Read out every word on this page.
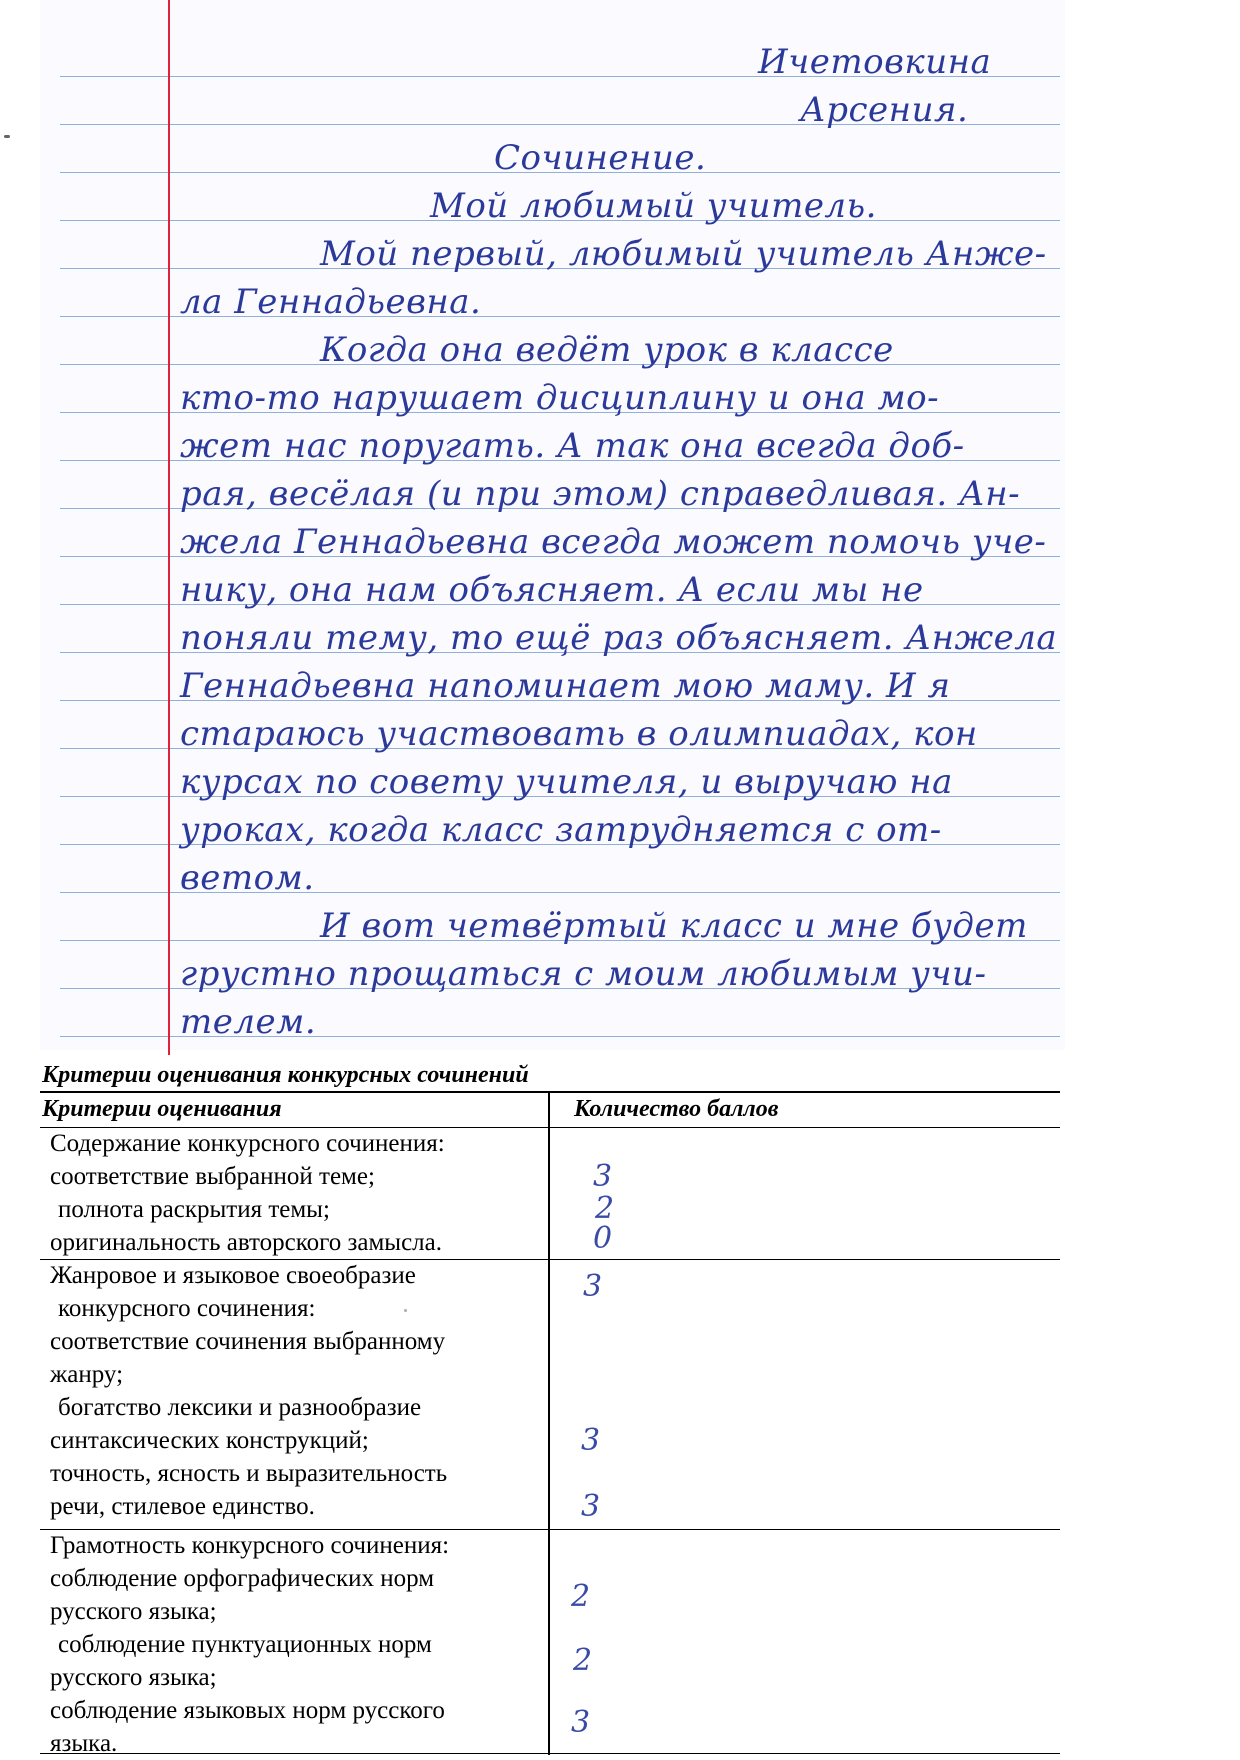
Ичетовкина
Арсения.
Сочинение.
Мой любимый учитель.
Мой первый, любимый учитель Анже-
ла Геннадьевна.
Когда она ведёт урок в классе
кто-то нарушает дисциплину и она мо-
жет нас поругать. А так она всегда доб-
рая, весёлая (и при этом) справедливая. Ан-
жела Геннадьевна всегда может помочь уче-
нику, она нам объясняет. А если мы не
поняли тему, то ещё раз объясняет. Анжела
Геннадьевна напоминает мою маму. И я
стараюсь участвовать в олимпиадах, кон
курсах по совету учителя, и выручаю на
уроках, когда класс затрудняется с от-
ветом.
И вот четвёртый класс и мне будет
грустно прощаться с моим любимым учи-
телем.
Критерии оценивания конкурсных сочинений
Критерии оценивания	Количество баллов
Содержание конкурсного сочинения:
соответствие выбранной теме;
полнота раскрытия темы;
оригинальность авторского замысла.
3
2
0
Жанровое и языковое своеобразие
конкурсного сочинения:
соответствие сочинения выбранному
жанру;
богатство лексики и разнообразие
синтаксических конструкций;
точность, ясность и выразительность
речи, стилевое единство.
3
3
3
Грамотность конкурсного сочинения:
соблюдение орфографических норм
русского языка;
соблюдение пунктуационных норм
русского языка;
соблюдение языковых норм русского
языка.
2
2
3
